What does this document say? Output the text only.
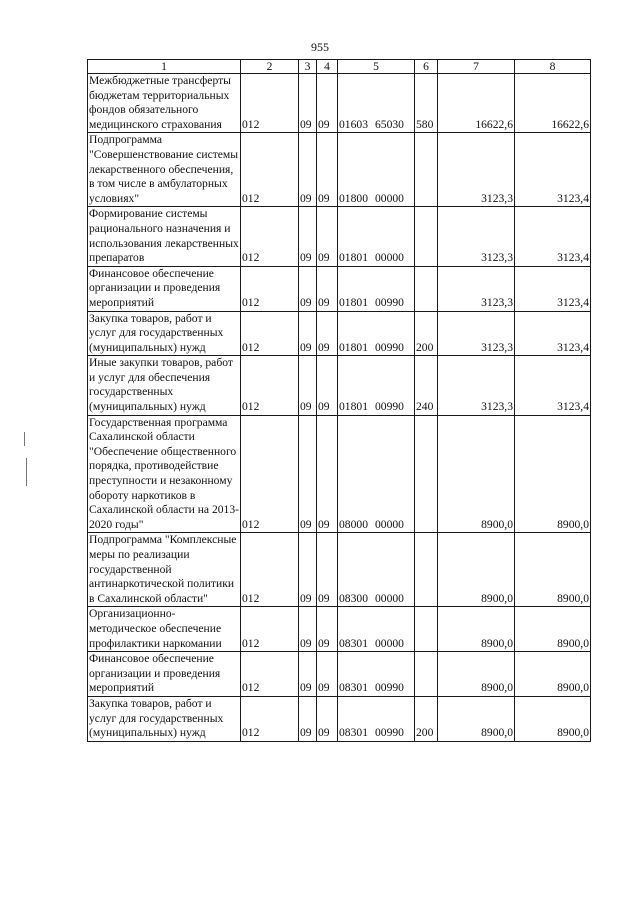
955
1	2	3	4	5	6	7	8
Межбюджетные трансферты бюджетам территориальных фондов обязательного медицинского страхования	012	09	09	01603 65030	580	16622,6	16622,6
Подпрограмма "Совершенствование системы лекарственного обеспечения, в том числе в амбулаторных условиях"	012	09	09	01800 00000		3123,3	3123,4
Формирование системы рационального назначения и использования лекарственных препаратов	012	09	09	01801 00000		3123,3	3123,4
Финансовое обеспечение организации и проведения мероприятий	012	09	09	01801 00990		3123,3	3123,4
Закупка товаров, работ и услуг для государственных (муниципальных) нужд	012	09	09	01801 00990	200	3123,3	3123,4
Иные закупки товаров, работ и услуг для обеспечения государственных (муниципальных) нужд	012	09	09	01801 00990	240	3123,3	3123,4
Государственная программа Сахалинской области "Обеспечение общественного порядка, противодействие преступности и незаконному обороту наркотиков в Сахалинской области на 2013-2020 годы"	012	09	09	08000 00000		8900,0	8900,0
Подпрограмма "Комплексные меры по реализации государственной антинаркотической политики в Сахалинской области"	012	09	09	08300 00000		8900,0	8900,0
Организационно-методическое обеспечение профилактики наркомании	012	09	09	08301 00000		8900,0	8900,0
Финансовое обеспечение организации и проведения мероприятий	012	09	09	08301 00990		8900,0	8900,0
Закупка товаров, работ и услуг для государственных (муниципальных) нужд	012	09	09	08301 00990	200	8900,0	8900,0
